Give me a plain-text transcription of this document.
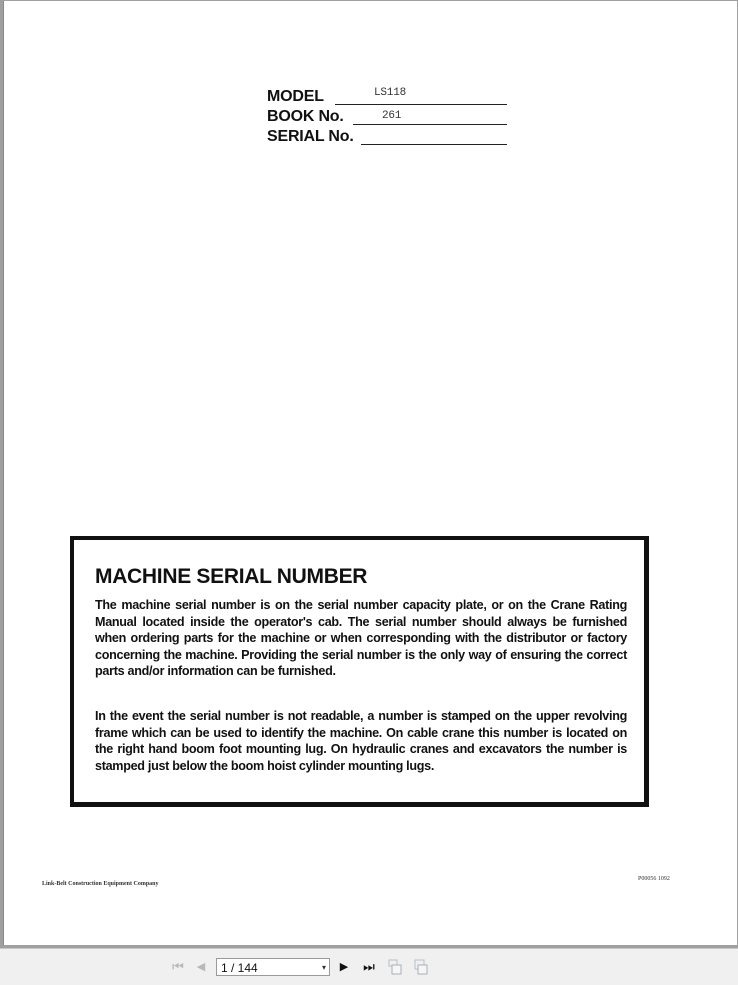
MODEL	LS118
BOOK No.	261
SERIAL No.
MACHINE SERIAL NUMBER
The machine serial number is on the serial number capacity plate, or on the Crane Rating Manual located inside the operator's cab. The serial number should always be furnished when ordering parts for the machine or when corresponding with the distributor or factory concerning the machine. Providing the serial number is the only way of ensuring the correct parts and/or information can be furnished.
In the event the serial number is not readable, a number is stamped on the upper revolving frame which can be used to identify the machine. On cable crane this number is located on the right hand boom foot mounting lug. On hydraulic cranes and excavators the number is stamped just below the boom hoist cylinder mounting lugs.
Link-Belt Construction Equipment Company
P00056 1092
⏮ ◀	1 / 144	▾ ▶ ⏭
